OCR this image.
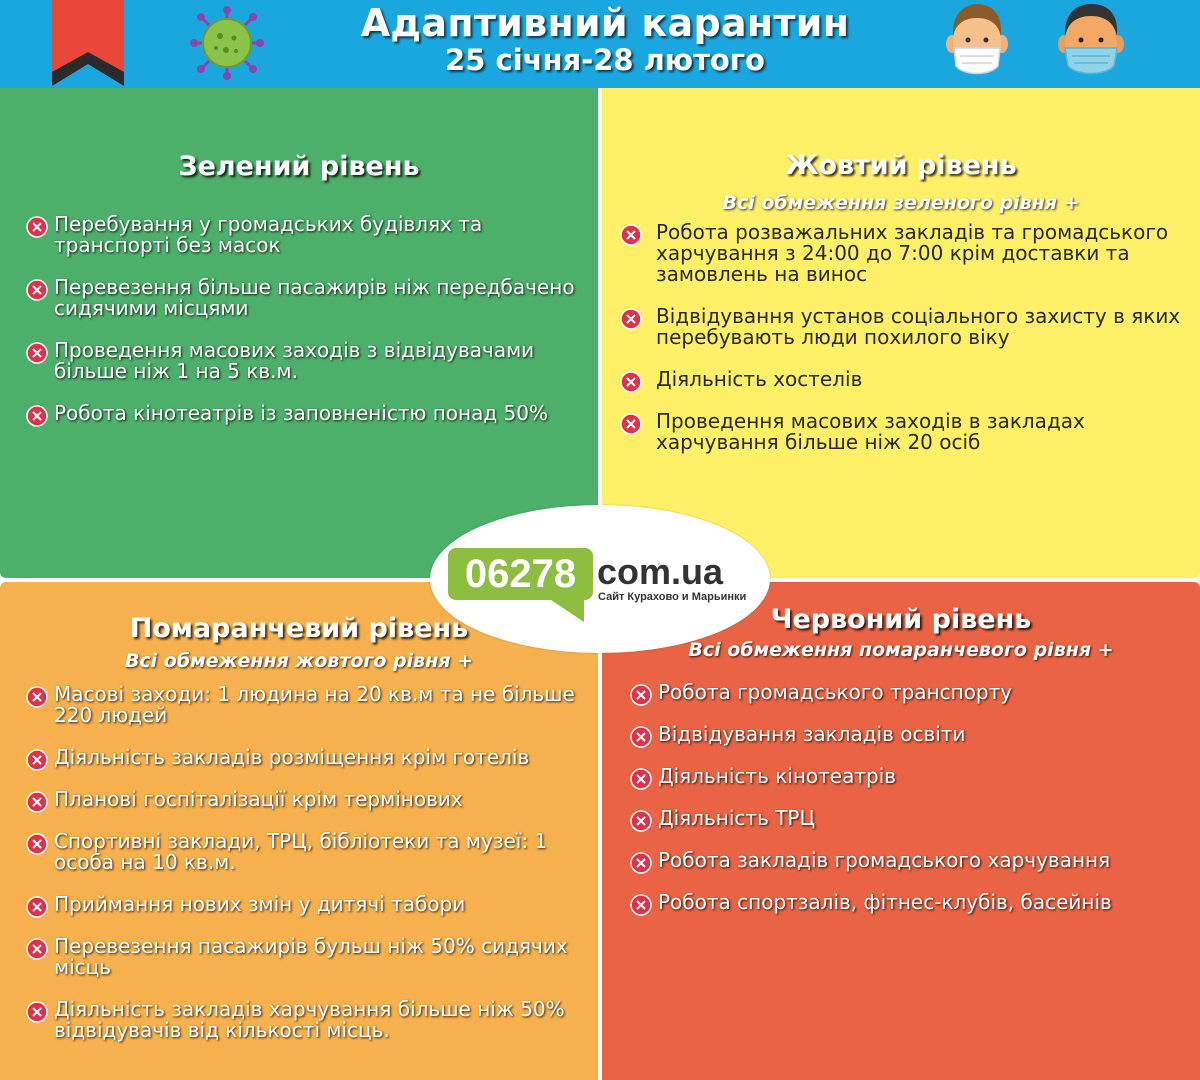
Адаптивний карантин
25 січня-28 лютого
Зелений рівень
Перебування у громадських будівлях та транспорті без масок
Перевезення більше пасажирів ніж передбачено сидячими місцями
Проведення масових заходів з відвідувачами більше ніж 1 на 5 кв.м.
Робота кінотеатрів із заповненістю понад 50%
Жовтий рівень
Всі обмеження зеленого рівня +
Робота розважальних закладів та громадського харчування з 24:00 до 7:00 крім доставки та замовлень на винос
Відвідування установ соціального захисту в яких перебувають люди похилого віку
Діяльність хостелів
Проведення масових заходів в закладах харчування більше ніж 20 осіб
Помаранчевий рівень
Всі обмеження жовтого рівня +
Масові заходи: 1 людина на 20 кв.м та не більше 220 людей
Діяльність закладів розміщення крім готелів
Планові госпіталізації крім термінових
Спортивні заклади, ТРЦ, бібліотеки та музеї: 1 особа на 10 кв.м.
Приймання нових змін у дитячі табори
Перевезення пасажирів бульш ніж 50% сидячих місць
Діяльність закладів харчування більше ніж 50% відвідувачів від кількості місць.
Червоний рівень
Всі обмеження помаранчевого рівня +
Робота громадського транспорту
Відвідування закладів освіти
Діяльність кінотеатрів
Діяльність ТРЦ
Робота закладів громадського харчування
Робота спортзалів, фітнес-клубів, басейнів
06278 com.ua
Сайт Курахово и Марьинки
